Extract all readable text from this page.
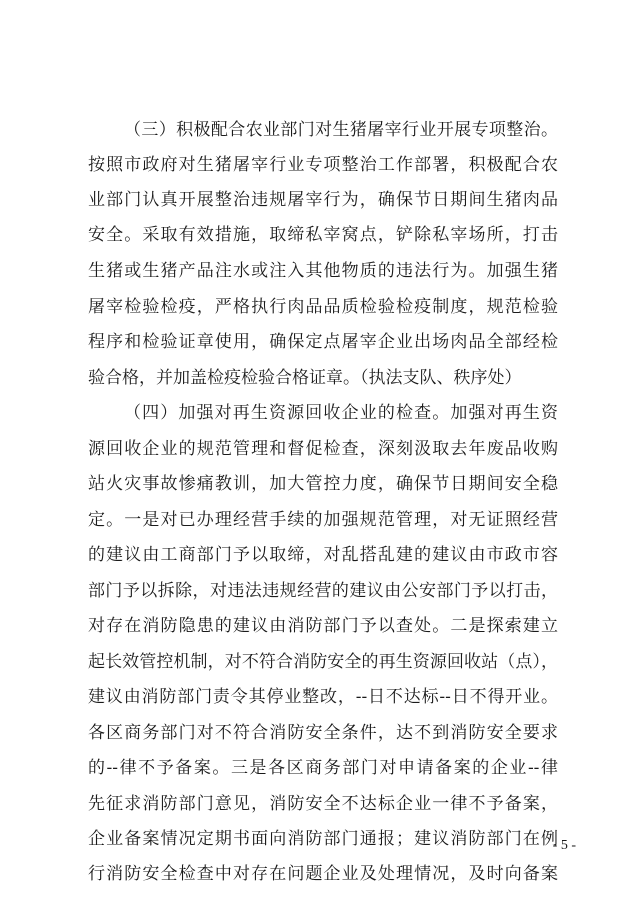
（三）积极配合农业部门对生猪屠宰行业开展专项整治。
按照市政府对生猪屠宰行业专项整治工作部署，积极配合农
业部门认真开展整治违规屠宰行为，确保节日期间生猪肉品
安全。采取有效措施，取缔私宰窝点，铲除私宰场所，打击
生猪或生猪产品注水或注入其他物质的违法行为。加强生猪
屠宰检验检疫，严格执行肉品品质检验检疫制度，规范检验
程序和检验证章使用，确保定点屠宰企业出场肉品全部经检
验合格，并加盖检疫检验合格证章。（执法支队、秩序处）
（四）加强对再生资源回收企业的检查。加强对再生资
源回收企业的规范管理和督促检查，深刻汲取去年废品收购
站火灾事故惨痛教训，加大管控力度，确保节日期间安全稳
定。一是对已办理经营手续的加强规范管理，对无证照经营
的建议由工商部门予以取缔，对乱搭乱建的建议由市政市容
部门予以拆除，对违法违规经营的建议由公安部门予以打击，
对存在消防隐患的建议由消防部门予以查处。二是探索建立
起长效管控机制，对不符合消防安全的再生资源回收站（点），
建议由消防部门责令其停业整改，--日不达标--日不得开业。
各区商务部门对不符合消防安全条件，达不到消防安全要求
的--律不予备案。三是各区商务部门对申请备案的企业--律
先征求消防部门意见，消防安全不达标企业一律不予备案，
企业备案情况定期书面向消防部门通报；建议消防部门在例
行消防安全检查中对存在问题企业及处理情况，及时向备案
- 5 -
